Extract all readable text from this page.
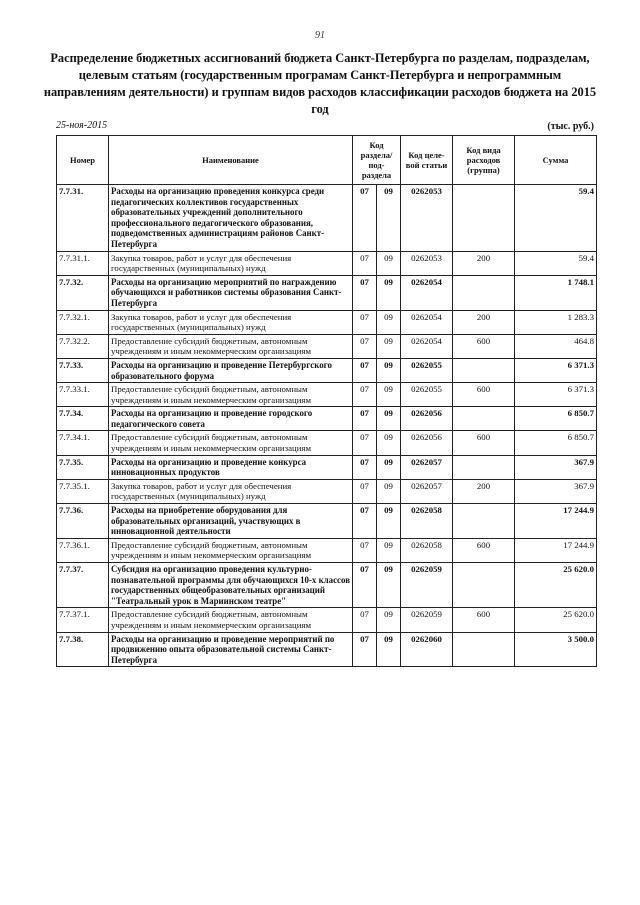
91
Распределение бюджетных ассигнований бюджета Санкт-Петербурга по разделам, подразделам, целевым статьям (государственным програмам Санкт-Петербурга и непрограммным направлениям деятельности) и группам видов расходов классификации расходов бюджета на 2015 год
25-ноя-2015	(тыс. руб.)
Номер	Наименование	Код раздела/ под- раздела		Код целе- вой статьи	Код вида расходов (группа)	Сумма
7.7.31.	Расходы на организацию проведения конкурса среди педагогических коллективов государственных образовательных учреждений дополнительного профессионального педагогического образования, подведомственных администрациям районов Санкт-Петербурга	07	09	0262053		59.4
7.7.31.1.	Закупка товаров, работ и услуг для обеспечения государственных (муниципальных) нужд	07	09	0262053	200	59.4
7.7.32.	Расходы на организацию мероприятий по награждению обучающихся и работников системы образования Санкт-Петербурга	07	09	0262054		1 748.1
7.7.32.1.	Закупка товаров, работ и услуг для обеспечения государственных (муниципальных) нужд	07	09	0262054	200	1 283.3
7.7.32.2.	Предоставление субсидий бюджетным, автономным учреждениям и иным некоммерческим организациям	07	09	0262054	600	464.8
7.7.33.	Расходы на организацию и проведение Петербургского образовательного форума	07	09	0262055		6 371.3
7.7.33.1.	Предоставление субсидий бюджетным, автономным учреждениям и иным некоммерческим организациям	07	09	0262055	600	6 371.3
7.7.34.	Расходы на организацию и проведение городского педагогического совета	07	09	0262056		6 850.7
7.7.34.1.	Предоставление субсидий бюджетным, автономным учреждениям и иным некоммерческим организациям	07	09	0262056	600	6 850.7
7.7.35.	Расходы на организацию и проведение конкурса инновационных продуктов	07	09	0262057		367.9
7.7.35.1.	Закупка товаров, работ и услуг для обеспечения государственных (муниципальных) нужд	07	09	0262057	200	367.9
7.7.36.	Расходы на приобретение оборудования для образовательных организаций, участвующих в инновационной деятельности	07	09	0262058		17 244.9
7.7.36.1.	Предоставление субсидий бюджетным, автономным учреждениям и иным некоммерческим организациям	07	09	0262058	600	17 244.9
7.7.37.	Субсидия на организацию проведения культурно-познавательной программы для обучающихся 10-х классов государственных общеобразовательных организаций "Театральный урок в Мариинском театре"	07	09	0262059		25 620.0
7.7.37.1.	Предоставление субсидий бюджетным, автономным учреждениям и иным некоммерческим организациям	07	09	0262059	600	25 620.0
7.7.38.	Расходы на организацию и проведение мероприятий по продвижению опыта образовательной системы Санкт-Петербурга	07	09	0262060		3 500.0
